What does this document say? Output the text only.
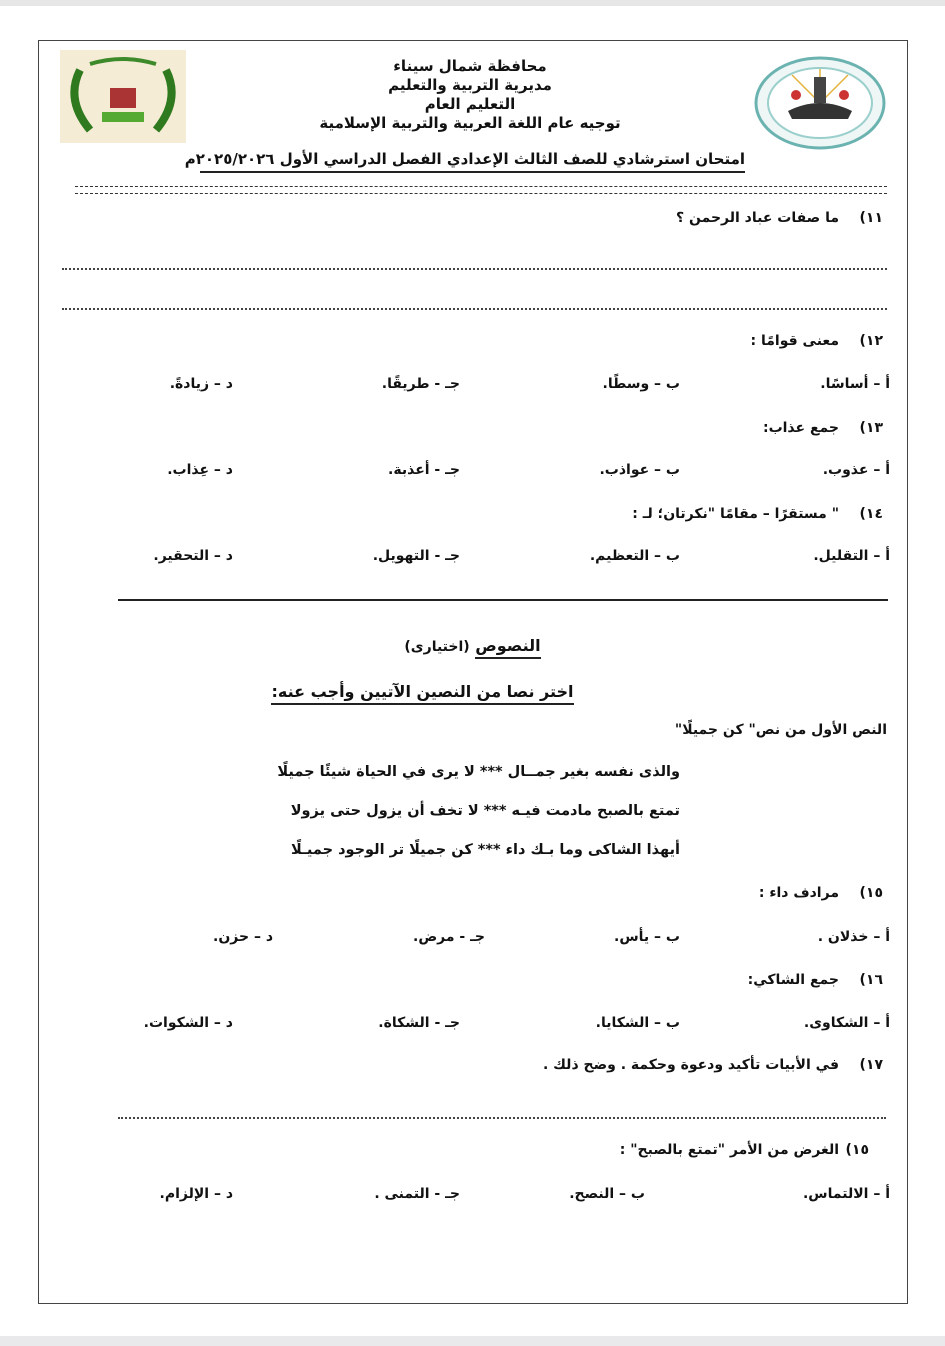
محافظة شمال سيناء
مديرية التربية والتعليم
التعليم العام
توجيه عام اللغة العربية والتربية الإسلامية
امتحان استرشادي للصف الثالث الإعدادي الفصل الدراسي الأول ٢٠٢٥/٢٠٢٦م
١١)ما صفات عباد الرحمن ؟
١٢)معنى قوامًا :
أ – أساسًا.
ب – وسطًا.
جـ - طريقًا.
د – زيادةً.
١٣)جمع عذاب:
أ – عذوب.
ب – عواذب.
جـ - أعذبة.
د – عِذاب.
١٤)" مستقرًا – مقامًا "نكرتان؛ لـ :
أ – التقليل.
ب – التعظيم.
جـ - التهويل.
د – التحقير.
النصوص (اختيارى)
اختر نصا من النصين الآتيين وأجب عنه:
النص الأول من نص" كن جميلًا"
والذى نفسه بغير جمــال *** لا يرى في الحياة شيئًا جميلًا
تمتع بالصبح مادمت فيـه *** لا تخف أن يزول حتى يزولا
أيهذا الشاكى وما بـك داء *** كن جميلًا تر الوجود جميـلًا
١٥)مرادف داء :
أ – خذلان .
ب – يأس.
جـ - مرض.
د – حزن.
١٦)جمع الشاكي:
أ – الشكاوى.
ب – الشكايا.
جـ - الشكاة.
د – الشكوات.
١٧)في الأبيات تأكيد ودعوة وحكمة . وضح ذلك .
١٥)الغرض من الأمر "تمتع بالصبح" :
أ – الالتماس.
ب – النصح.
جـ - التمنى .
د – الإلزام.
